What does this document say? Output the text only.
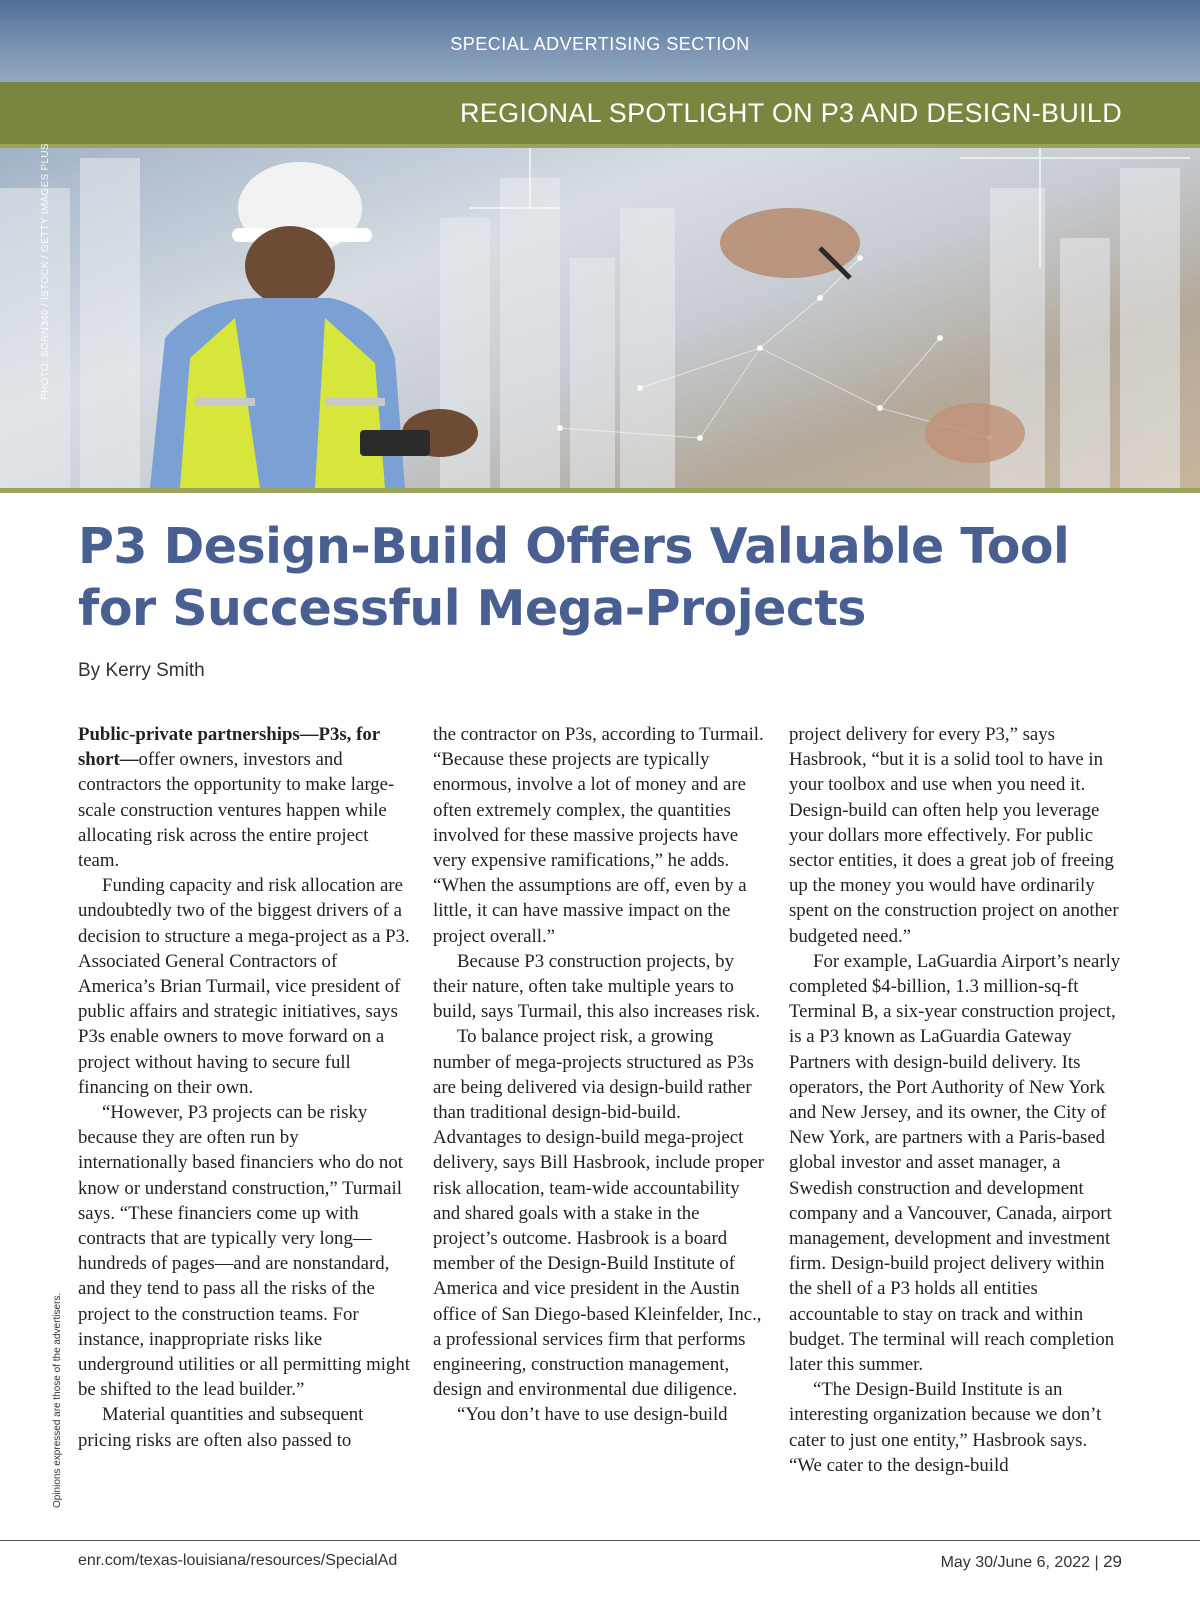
SPECIAL ADVERTISING SECTION
REGIONAL SPOTLIGHT ON P3 AND DESIGN-BUILD
PHOTO: SORN340 / ISTOCK / GETTY IMAGES PLUS
P3 Design-Build Offers Valuable Tool for Successful Mega-Projects
By Kerry Smith

Public-private partnerships—P3s, for short—offer owners, investors and contractors the opportunity to make large-scale construction ventures happen while allocating risk across the entire project team.

Funding capacity and risk allocation are undoubtedly two of the biggest drivers of a decision to structure a mega-project as a P3. Associated General Contractors of America’s Brian Turmail, vice president of public affairs and strategic initiatives, says P3s enable owners to move forward on a project without having to secure full financing on their own.

“However, P3 projects can be risky because they are often run by internationally based financiers who do not know or understand construction,” Turmail says. “These financiers come up with contracts that are typically very long—hundreds of pages—and are nonstandard, and they tend to pass all the risks of the project to the construction teams. For instance, inappropriate risks like underground utilities or all permitting might be shifted to the lead builder.”

Material quantities and subsequent pricing risks are often also passed to

the contractor on P3s, according to Turmail. “Because these projects are typically enormous, involve a lot of money and are often extremely complex, the quantities involved for these massive projects have very expensive ramifications,” he adds. “When the assumptions are off, even by a little, it can have massive impact on the project overall.”

Because P3 construction projects, by their nature, often take multiple years to build, says Turmail, this also increases risk.

To balance project risk, a growing number of mega-projects structured as P3s are being delivered via design-build rather than traditional design-bid-build. Advantages to design-build mega-project delivery, says Bill Hasbrook, include proper risk allocation, team-wide accountability and shared goals with a stake in the project’s outcome. Hasbrook is a board member of the Design-Build Institute of America and vice president in the Austin office of San Diego-based Kleinfelder, Inc., a professional services firm that performs engineering, construction management, design and environmental due diligence.

“You don’t have to use design-build

project delivery for every P3,” says Hasbrook, “but it is a solid tool to have in your toolbox and use when you need it. Design-build can often help you leverage your dollars more effectively. For public sector entities, it does a great job of freeing up the money you would have ordinarily spent on the construction project on another budgeted need.”

For example, LaGuardia Airport’s nearly completed $4-billion, 1.3 million-sq-ft Terminal B, a six-year construction project, is a P3 known as LaGuardia Gateway Partners with design-build delivery. Its operators, the Port Authority of New York and New Jersey, and its owner, the City of New York, are partners with a Paris-based global investor and asset manager, a Swedish construction and development company and a Vancouver, Canada, airport management, development and investment firm. Design-build project delivery within the shell of a P3 holds all entities accountable to stay on track and within budget. The terminal will reach completion later this summer.

“The Design-Build Institute is an interesting organization because we don’t cater to just one entity,” Hasbrook says. “We cater to the design-build

Opinions expressed are those of the advertisers.
enr.com/texas-louisiana/resources/SpecialAd	May 30/June 6, 2022 | 29
